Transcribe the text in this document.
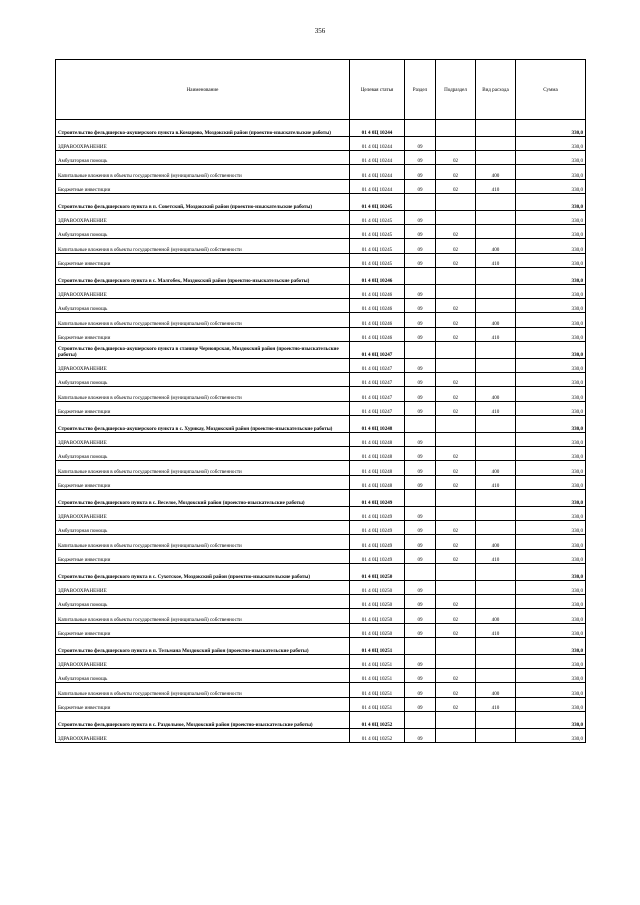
356
Наименование	Целевая статья	Раздел	Подраздел	Вид расхода	Сумма
Строительство фельдшерско-акушерского пункта в.Комарово, Моздокский район (проектно-изыскательские работы)	01 4 0Ц 10244				330,0
ЗДРАВООХРАНЕНИЕ	01 4 0Ц 10244	09			330,0
Амбулаторная помощь	01 4 0Ц 10244	09	02		330,0
Капитальные вложения в объекты государственной (муниципальной) собственности	01 4 0Ц 10244	09	02	400	330,0
Бюджетные инвестиции	01 4 0Ц 10244	09	02	410	330,0
Строительство фельдшерского пункта в п. Советский, Моздокский район (проектно-изыскательские работы)	01 4 0Ц 10245				330,0
ЗДРАВООХРАНЕНИЕ	01 4 0Ц 10245	09			330,0
Амбулаторная помощь	01 4 0Ц 10245	09	02		330,0
Капитальные вложения в объекты государственной (муниципальной) собственности	01 4 0Ц 10245	09	02	400	330,0
Бюджетные инвестиции	01 4 0Ц 10245	09	02	410	330,0
Строительство фельдшерского пункта в с. Малгобек, Моздокский район (проектно-изыскательские работы)	01 4 0Ц 10246				330,0
ЗДРАВООХРАНЕНИЕ	01 4 0Ц 10246	09			330,0
Амбулаторная помощь	01 4 0Ц 10246	09	02		330,0
Капитальные вложения в объекты государственной (муниципальной) собственности	01 4 0Ц 10246	09	02	400	330,0
Бюджетные инвестиции	01 4 0Ц 10246	09	02	410	330,0
Строительство фельдшерско-акушерского пункта в станице Черноярская, Моздокский район (проектно-изыскательские работы)	01 4 0Ц 10247				330,0
ЗДРАВООХРАНЕНИЕ	01 4 0Ц 10247	09			330,0
Амбулаторная помощь	01 4 0Ц 10247	09	02		330,0
Капитальные вложения в объекты государственной (муниципальной) собственности	01 4 0Ц 10247	09	02	400	330,0
Бюджетные инвестиции	01 4 0Ц 10247	09	02	410	330,0
Строительство фельдшерско-акушерского пункта в с. Хурикау, Моздокский район (проектно-изыскательские работы)	01 4 0Ц 10248				330,0
ЗДРАВООХРАНЕНИЕ	01 4 0Ц 10248	09			330,0
Амбулаторная помощь	01 4 0Ц 10248	09	02		330,0
Капитальные вложения в объекты государственной (муниципальной) собственности	01 4 0Ц 10248	09	02	400	330,0
Бюджетные инвестиции	01 4 0Ц 10248	09	02	410	330,0
Строительство фельдшерского пункта в с. Веселое, Моздокский район (проектно-изыскательские работы)	01 4 0Ц 10249				330,0
ЗДРАВООХРАНЕНИЕ	01 4 0Ц 10249	09			330,0
Амбулаторная помощь	01 4 0Ц 10249	09	02		330,0
Капитальные вложения в объекты государственной (муниципальной) собственности	01 4 0Ц 10249	09	02	400	330,0
Бюджетные инвестиции	01 4 0Ц 10249	09	02	410	330,0
Строительство фельдшерского пункта в с. Сухотское, Моздокский район (проектно-изыскательские работы)	01 4 0Ц 10250				330,0
ЗДРАВООХРАНЕНИЕ	01 4 0Ц 10250	09			330,0
Амбулаторная помощь	01 4 0Ц 10250	09	02		330,0
Капитальные вложения в объекты государственной (муниципальной) собственности	01 4 0Ц 10250	09	02	400	330,0
Бюджетные инвестиции	01 4 0Ц 10250	09	02	410	330,0
Строительство фельдшерского пункта в п. Тельмана Моздокский район (проектно-изыскательские работы)	01 4 0Ц 10251				330,0
ЗДРАВООХРАНЕНИЕ	01 4 0Ц 10251	09			330,0
Амбулаторная помощь	01 4 0Ц 10251	09	02		330,0
Капитальные вложения в объекты государственной (муниципальной) собственности	01 4 0Ц 10251	09	02	400	330,0
Бюджетные инвестиции	01 4 0Ц 10251	09	02	410	330,0
Строительство фельдшерского пункта в с. Раздольное, Моздокский район (проектно-изыскательские работы)	01 4 0Ц 10252				330,0
ЗДРАВООХРАНЕНИЕ	01 4 0Ц 10252	09			330,0
